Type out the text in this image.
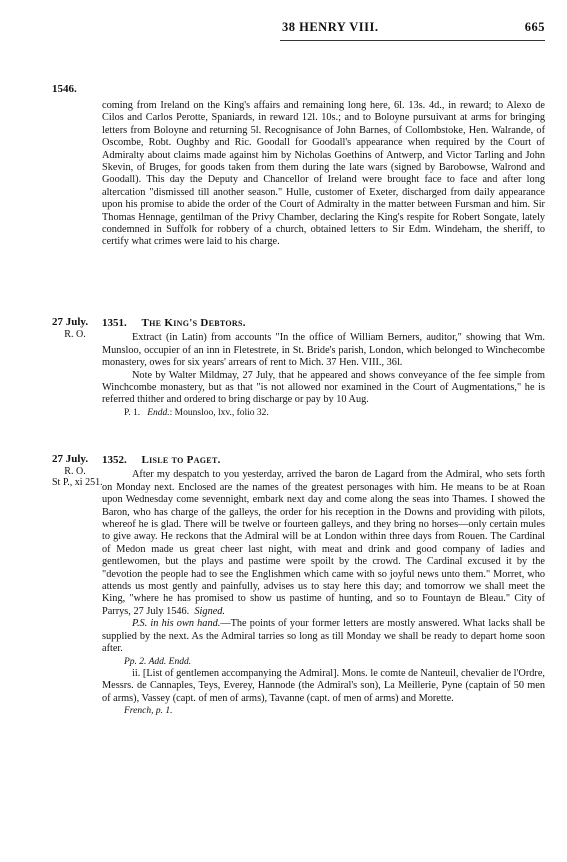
38 HENRY VIII.	665
1546.

coming from Ireland on the King's affairs and remaining long here, 6l. 13s. 4d., in reward; to Alexo de Cilos and Carlos Perotte, Spaniards, in reward 12l. 10s.; and to Boloyne pursuivant at arms for bringing letters from Boloyne and returning 5l. Recognisance of John Barnes, of Collombstoke, Hen. Walrande, of Oscombe, Robt. Oughby and Ric. Goodall for Goodall's appearance when required by the Court of Admiralty about claims made against him by Nicholas Goethins of Antwerp, and Victor Tarling and John Skevin, of Bruges, for goods taken from them during the late wars (signed by Barobowse, Walrond and Goodall). This day the Deputy and Chancellor of Ireland were brought face to face and after long altercation "dismissed till another season." Hulle, customer of Exeter, discharged from daily appearance upon his promise to abide the order of the Court of Admiralty in the matter between Fursman and him. Sir Thomas Hennage, gentilman of the Privy Chamber, declaring the King's respite for Robert Songate, lately condemned in Suffolk for robbery of a church, obtained letters to Sir Edm. Windeham, the sheriff, to certify what crimes were laid to his charge.

27 July.
R. O.
1351. The King's Debtors.

Extract (in Latin) from accounts "In the office of William Berners, auditor," showing that Wm. Munsloo, occupier of an inn in Fletestrete, in St. Bride's parish, London, which belonged to Winchecombe monastery, owes for six years' arrears of rent to Mich. 37 Hen. VIII., 36l.

Note by Walter Mildmay, 27 July, that he appeared and shows conveyance of the fee simple from Winchcombe monastery, but as that "is not allowed nor examined in the Court of Augmentations," he is referred thither and ordered to bring discharge or pay by 10 Aug.

P. 1. Endd.: Mounsloo, lxv., folio 32.

27 July.
R. O.
St P., xi 251.
1352. Lisle to Paget.

After my despatch to you yesterday, arrived the baron de Lagard from the Admiral, who sets forth on Monday next. Enclosed are the names of the greatest personages with him. He means to be at Roan upon Wednesday come sevennight, embark next day and come along the seas into Thames. I showed the Baron, who has charge of the galleys, the order for his reception in the Downs and providing with pilots, whereof he is glad. There will be twelve or fourteen galleys, and they bring no horses—only certain mules to give away. He reckons that the Admiral will be at London within three days from Rouen. The Cardinal of Medon made us great cheer last night, with meat and drink and good company of ladies and gentlewomen, but the plays and pastime were spoilt by the crowd. The Cardinal excused it by the "devotion the people had to see the Englishmen which came with so joyful news unto them." Morret, who attends us most gently and painfully, advises us to stay here this day; and tomorrow we shall meet the King, "where he has promised to show us pastime of hunting, and so to Fountayn de Bleau." City of Parrys, 27 July 1546. Signed.

P.S. in his own hand.—The points of your former letters are mostly answered. What lacks shall be supplied by the next. As the Admiral tarries so long as till Monday we shall be ready to depart home soon after.

Pp. 2. Add. Endd.

ii. [List of gentlemen accompanying the Admiral]. Mons. le comte de Nanteuil, chevalier de l'Ordre, Messrs. de Cannaples, Teys, Everey, Hannode (the Admiral's son), La Meillerie, Pyne (captain of 50 men of arms), Vassey (capt. of men of arms), Tavanne (capt. of men of arms) and Morette.

French, p. 1.
